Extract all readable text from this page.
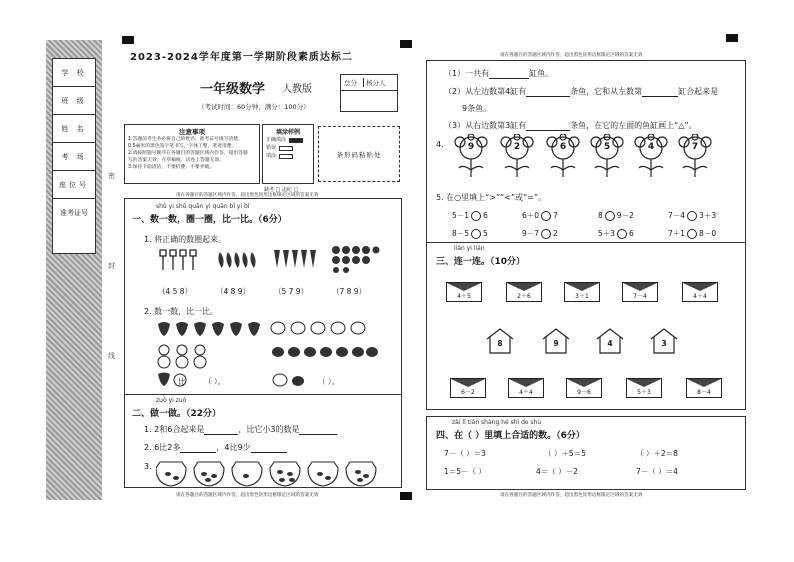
学 校
班 级
姓 名
考 场
座位号
准考证号
密
封
线
2023-2024学年度第一学期阶段素质达标二
一年级数学 人教版
（考试时间：60分钟，满分：100分）
总分	核分人
注意事项
1.答题前考生务必将自己的姓名、准考证号填写清楚。
0.5毫米的黑色签字笔书写，字体工整、笔迹清楚。
2.请按照题号顺序在各题目的答题区域内作答，超出答题
写的答案无效；在草稿纸、试卷上答题无效。
3.保持卡面清洁，不要折叠、不要弄破。
填涂样例
正确填涂
错误
填涂	条形码粘贴处
缺考 □ 违纪 □
请在各题目的答题区域内作答，超出黑色矩形边框限定区域的答案无效
shǔ yi shǔ quān yi quān bǐ yi bǐ
一、数一数，圈一圈，比一比。（6分）
1. 将正确的数圈起来。
（4 5 8）	（4 8 9）	（5 7 9）	（7 8 9）
2. 数一数，比一比。
比 （ ）。	比 （ ）。
zuò yi zuò
二、做一做。（22分）
1. 2和6合起来是	，比它小3的数是
2. 6比2多	，4比9少
3.
请在各题目的答题区域内作答，超出黑色矩形边框限定区域的答案无效
请在各题目的答题区域内作答，超出黑色矩形边框限定区域的答案无效
（1）一共有	缸鱼。
（2）从左边数第4缸有	条鱼，它和从左数第	缸合起来是
9条鱼。
（3）从右边数第3缸有	条鱼，在它的左面的鱼缸画上“△”。
4.	9	2	6	5	4	7
5. 在○里填上“>”“<”或“=”。
5－1 6	6＋0 7	8 9－2	7－4 3＋3
8－5 5	9－7 2	5＋3 6	7＋1 8－0
lián yi lián
三、连一连。（10分）
4＋5	2＋6	3＋1	7－4	4＋4
8	9	4	3
6－2	4＋4	9－6	5＋3	8－4
zài lǐ tián shàng hé shì de shù
四、在（ ）里填上合适的数。（6分）
7－（ ）＝3	（ ）＋5＝5	（ ）＋2＝8
1＝5－（ ）	4＝（ ）－2	7－（ ）＝4
请在各题目的答题区域内作答，超出黑色矩形边框限定区域的答案无效
